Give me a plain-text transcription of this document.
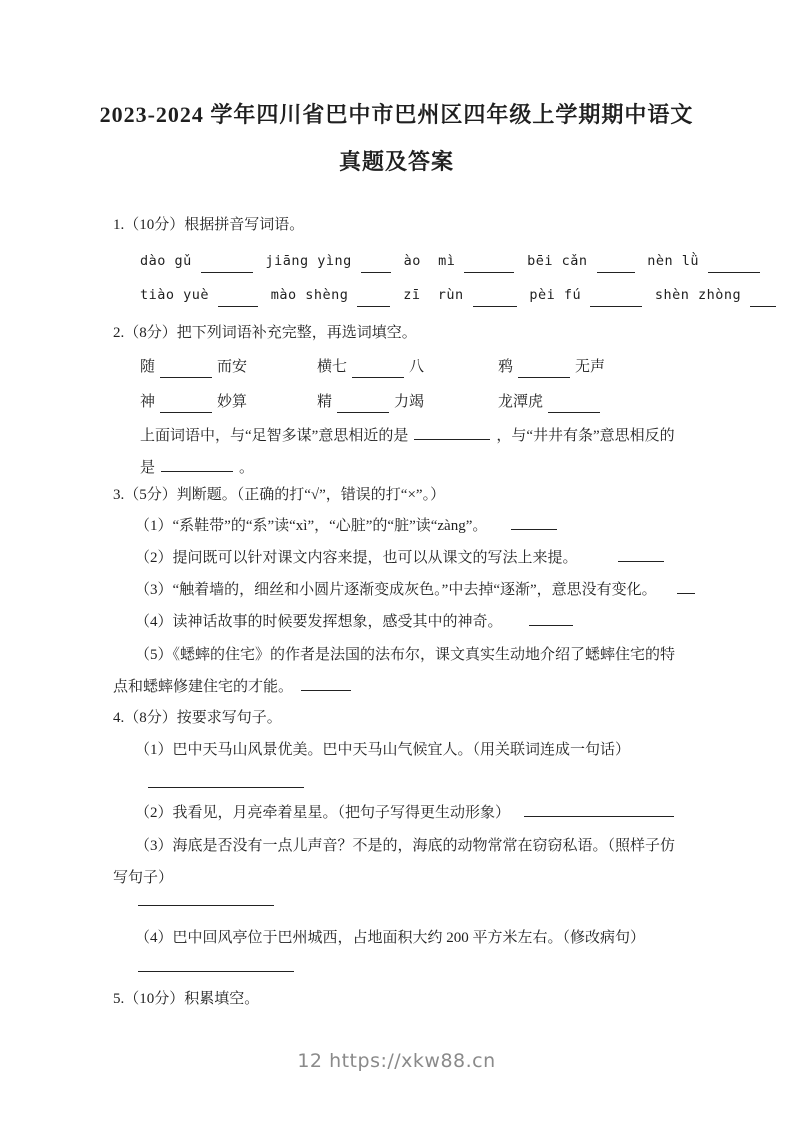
2023-2024 学年四川省巴中市巴州区四年级上学期期中语文
真题及答案
1.（10分）根据拼音写词语。
dào gǔ
	jiāng yìng
	ào  mì
	bēi cǎn
	nèn lǜ
tiào yuè
	mào shèng
	zī  rùn
	pèi fú
	shèn zhòng
2.（8分）把下列词语补充完整，再选词填空。
随	而安	横七	八	鸦	无声
神	妙算	精	力竭	龙潭虎
上面词语中，与“足智多谋”意思相近的是	，与“井井有条”意思相反的
是	。
3.（5分）判断题。（正确的打“√”，错误的打“×”。）
（1）“系鞋带”的“系”读“xì”，“心脏”的“脏”读“zàng”。
（2）提问既可以针对课文内容来提，也可以从课文的写法上来提。
（3）“触着墙的，细丝和小圆片逐渐变成灰色。”中去掉“逐渐”，意思没有变化。
（4）读神话故事的时候要发挥想象，感受其中的神奇。
（5）《蟋蟀的住宅》的作者是法国的法布尔，课文真实生动地介绍了蟋蟀住宅的特点和蟋蟀修建住宅的才能。
4.（8分）按要求写句子。
（1）巴中天马山风景优美。巴中天马山气候宜人。（用关联词连成一句话）
（2）我看见，月亮牵着星星。（把句子写得更生动形象）
（3）海底是否没有一点儿声音？不是的，海底的动物常常在窃窃私语。（照样子仿写句子）
（4）巴中回风亭位于巴州城西，占地面积大约 200 平方米左右。（修改病句）
5.（10分）积累填空。
12 https://xkw88.cn
